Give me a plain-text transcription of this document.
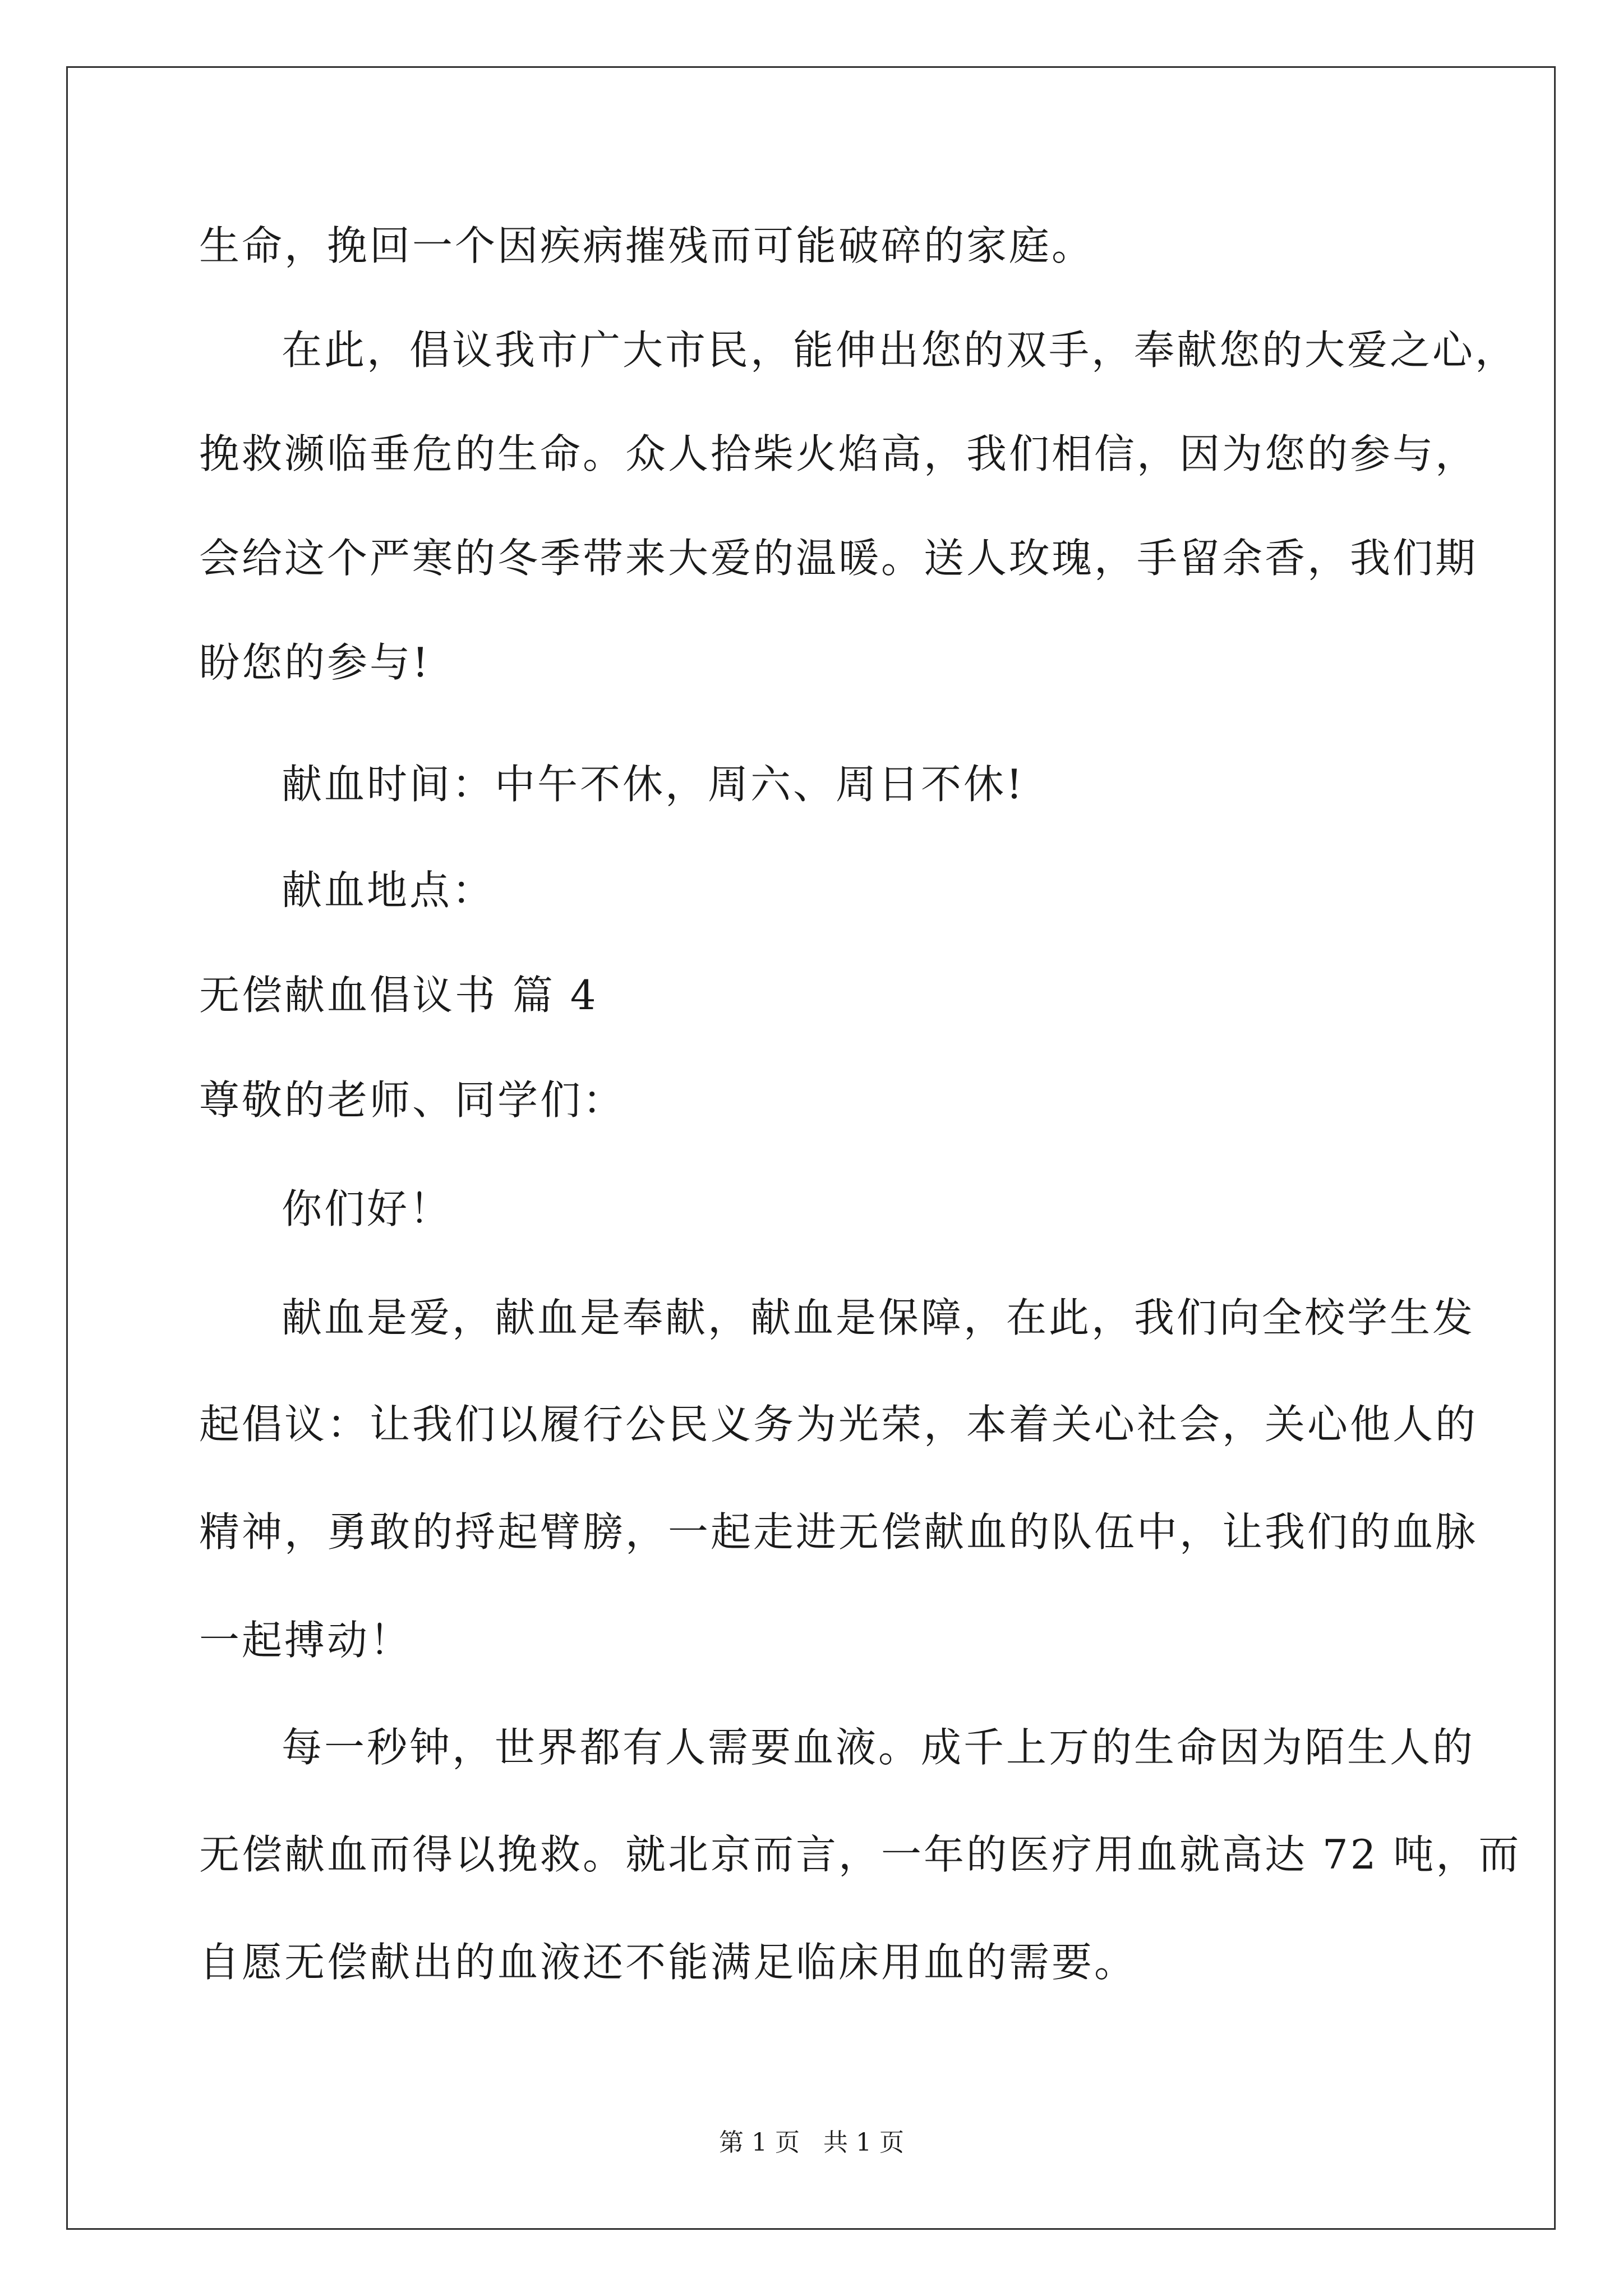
生命，挽回一个因疾病摧残而可能破碎的家庭。
在此，倡议我市广大市民，能伸出您的双手，奉献您的大爱之心，
挽救濒临垂危的生命。众人拾柴火焰高，我们相信，因为您的参与，
会给这个严寒的冬季带来大爱的温暖。送人玫瑰，手留余香，我们期
盼您的参与!
献血时间：中午不休，周六、周日不休!
献血地点：
无偿献血倡议书 篇 4
尊敬的老师、同学们：
你们好！
献血是爱，献血是奉献，献血是保障，在此，我们向全校学生发
起倡议：让我们以履行公民义务为光荣，本着关心社会，关心他人的
精神，勇敢的捋起臂膀，一起走进无偿献血的队伍中，让我们的血脉
一起搏动！
每一秒钟，世界都有人需要血液。成千上万的生命因为陌生人的
无偿献血而得以挽救。就北京而言，一年的医疗用血就高达 72 吨，而
自愿无偿献出的血液还不能满足临床用血的需要。
第 1 页   共 1 页
